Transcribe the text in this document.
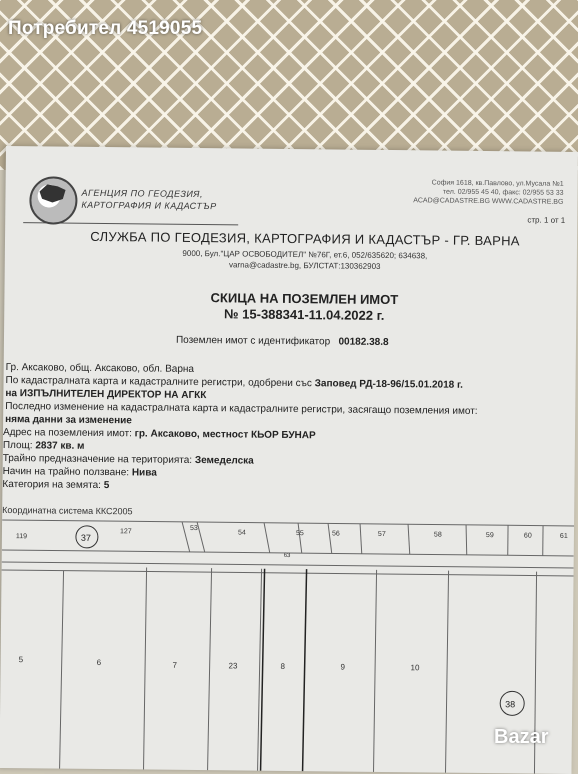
Потребител 4519055
АГЕНЦИЯ ПО ГЕОДЕЗИЯ,
КАРТОГРАФИЯ И КАДАСТЪР
София 1618, кв.Павлово, ул.Мусала №1
тел. 02/955 45 40, факс: 02/955 53 33
ACAD@CADASTRE.BG WWW.CADASTRE.BG
стр. 1 от 1
СЛУЖБА ПО ГЕОДЕЗИЯ, КАРТОГРАФИЯ И КАДАСТЪР - ГР. ВАРНА
9000, Бул."ЦАР ОСВОБОДИТЕЛ" №76Г, ет.6, 052/635620; 634638,
varna@cadastre.bg, БУЛСТАТ:130362903
СКИЦА НА ПОЗЕМЛЕН ИМОТ
№ 15-388341-11.04.2022 г.
Поземлен имот с идентификатор 00182.38.8
Гр. Аксаково, общ. Аксаково, обл. Варна
По кадастралната карта и кадастралните регистри, одобрени със Заповед РД-18-96/15.01.2018 г.
на ИЗПЪЛНИТЕЛЕН ДИРЕКТОР НА АГКК
Последно изменение на кадастралната карта и кадастралните регистри, засягащо поземления имот:
няма данни за изменение
Адрес на поземления имот: гр. Аксаково, местност КЬОР БУНАР
Площ: 2837 кв. м
Трайно предназначение на територията: Земеделска
Начин на трайно ползване: Нива
Категория на земята: 5
Координатна система ККС2005
119	37
127	53
54	55	56	57	58	59	60	61
63
5	6	7	23	8	9	10
38
Bazar
